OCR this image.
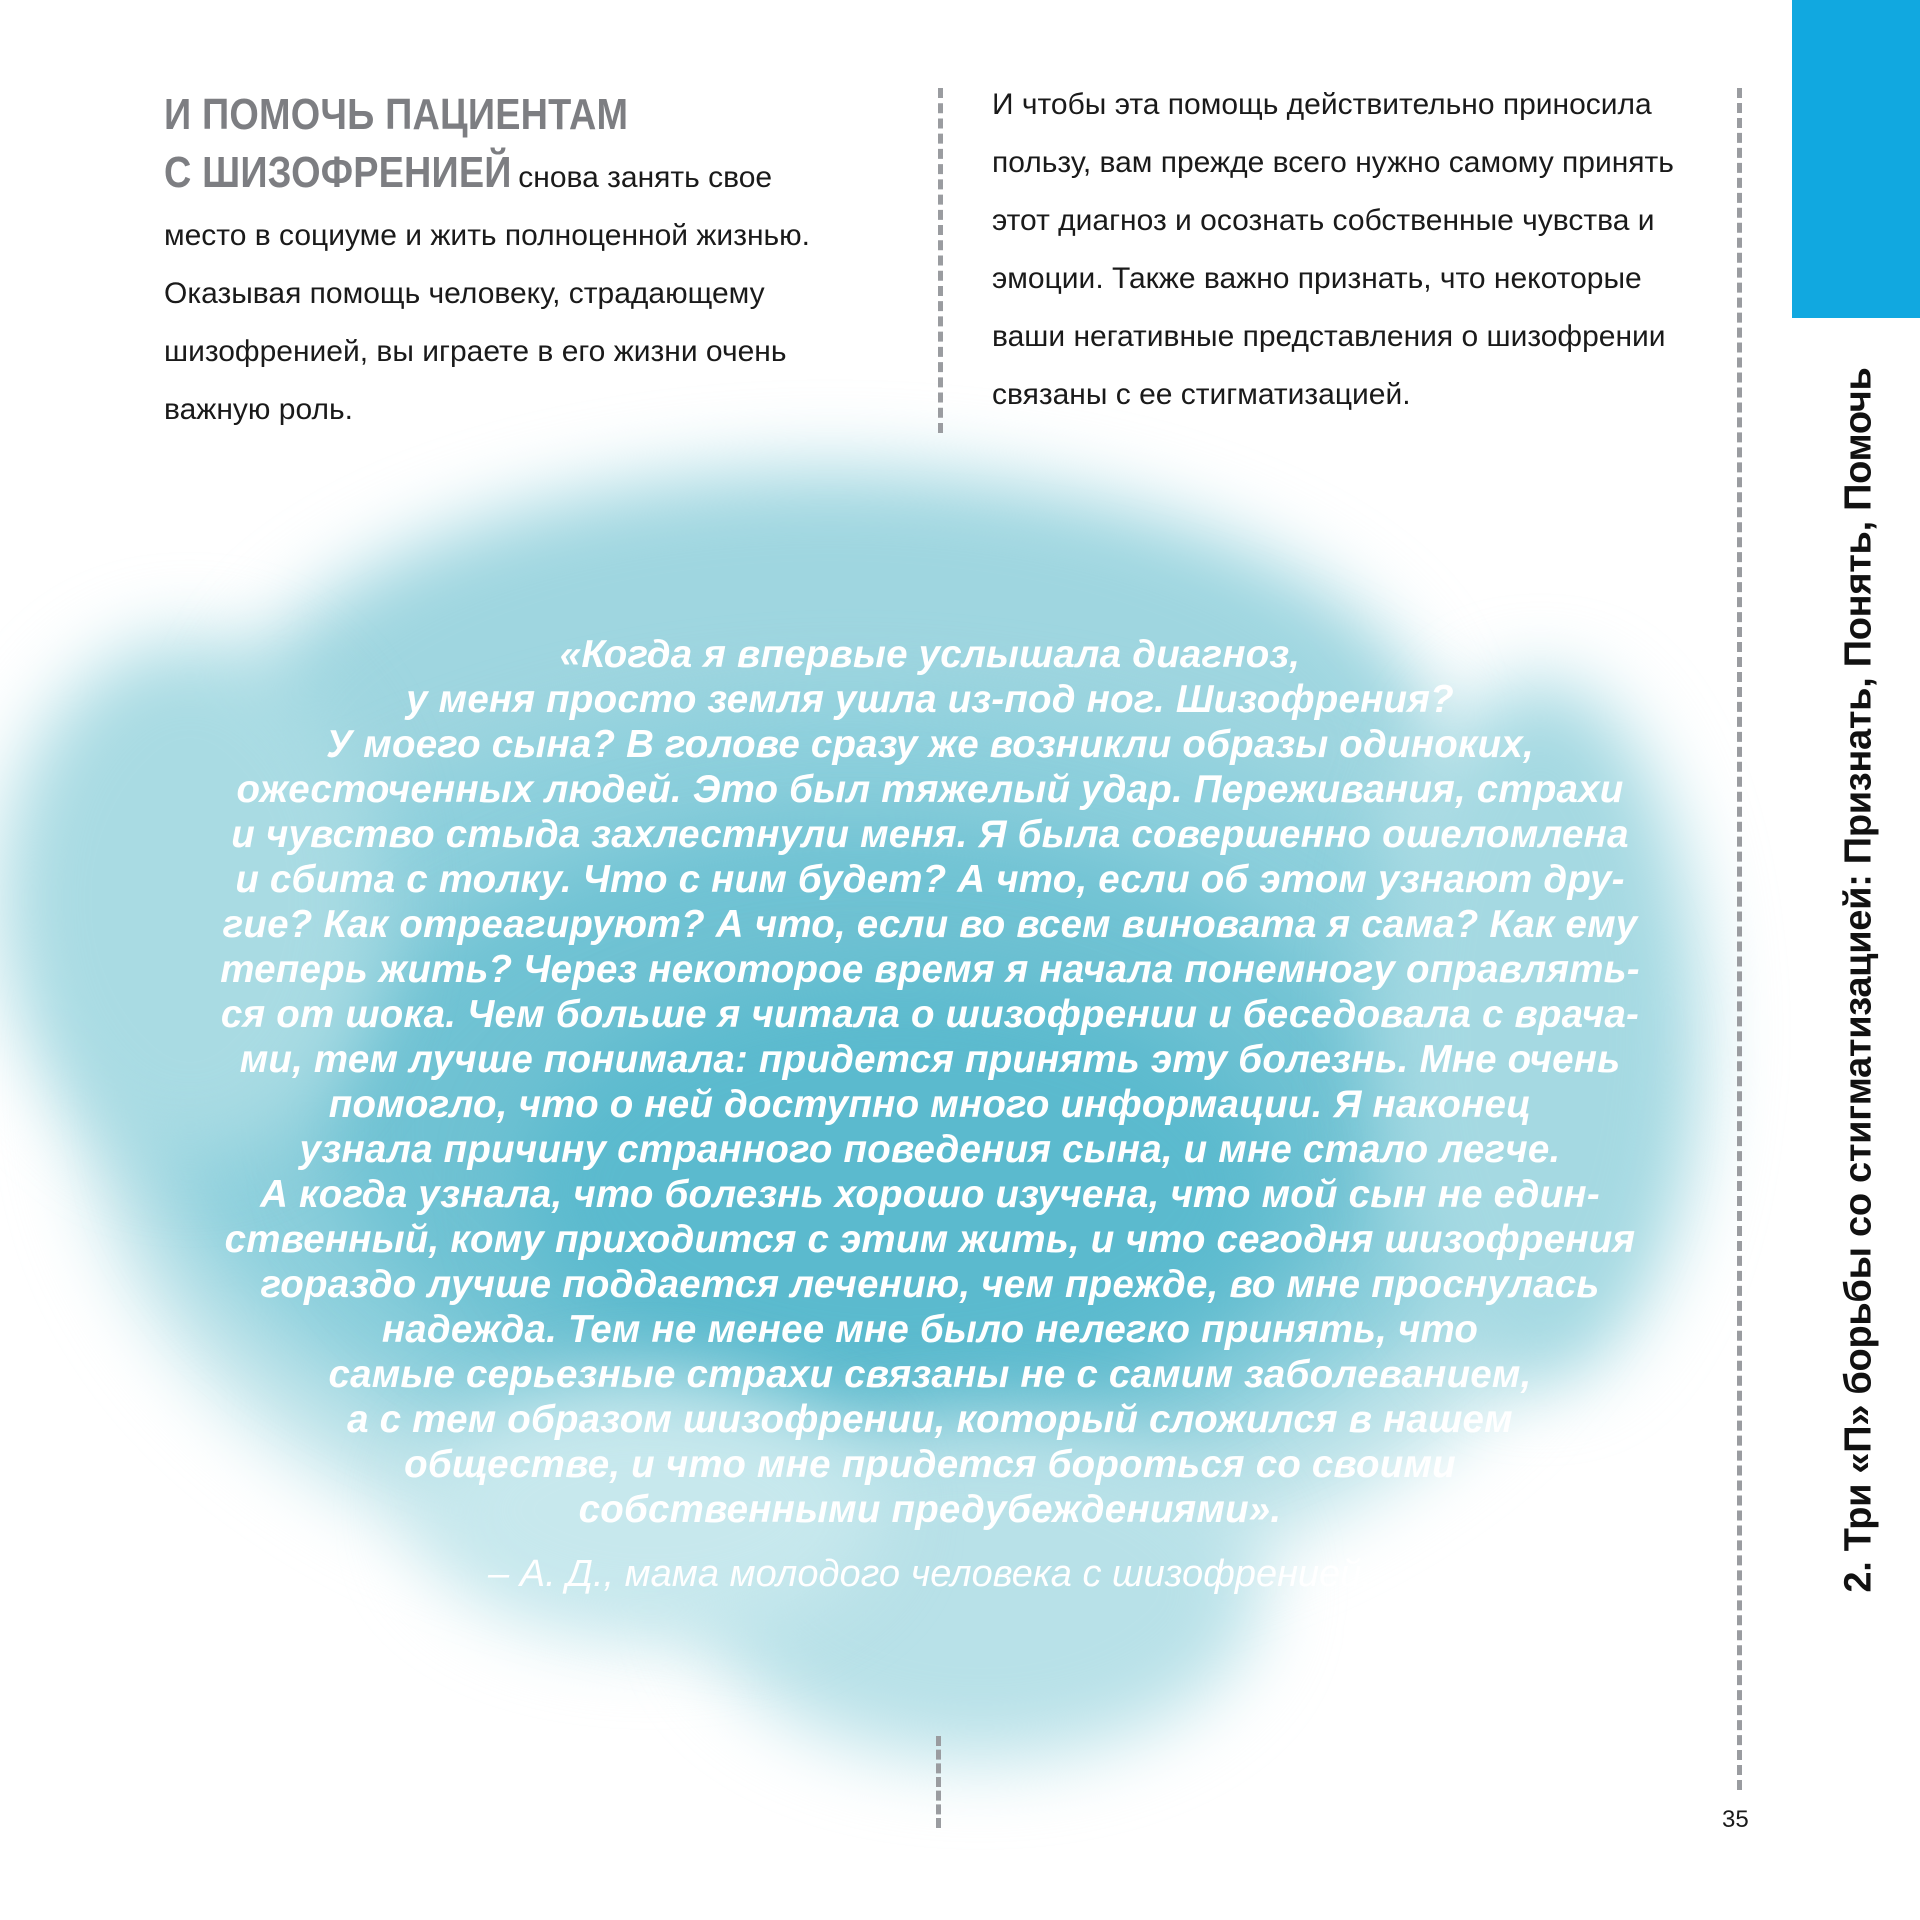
2. Три «П» борьбы со стигматизацией: Признать, Понять, Помочь
И ПОМОЧЬ ПАЦИЕНТАМ
С ШИЗОФРЕНИЕЙ снова занять свое
место в социуме и жить полноценной жизнью.
Оказывая помощь человеку, страдающему
шизофренией, вы играете в его жизни очень
важную роль.
И чтобы эта помощь действительно приносила
пользу, вам прежде всего нужно самому принять
этот диагноз и осознать собственные чувства и
эмоции. Также важно признать, что некоторые
ваши негативные представления о шизофрении
связаны с ее стигматизацией.
«Когда я впервые услышала диагноз,
у меня просто земля ушла из-под ног. Шизофрения?
У моего сына? В голове сразу же возникли образы одиноких,
ожесточенных людей. Это был тяжелый удар. Переживания, страхи
и чувство стыда захлестнули меня. Я была совершенно ошеломлена
и сбита с толку. Что с ним будет? А что, если об этом узнают дру-
гие? Как отреагируют? А что, если во всем виновата я сама? Как ему
теперь жить? Через некоторое время я начала понемногу оправлять-
ся от шока. Чем больше я читала о шизофрении и беседовала с врача-
ми, тем лучше понимала: придется принять эту болезнь. Мне очень
помогло, что о ней доступно много информации. Я наконец
узнала причину странного поведения сына, и мне стало легче.
А когда узнала, что болезнь хорошо изучена, что мой сын не един-
ственный, кому приходится с этим жить, и что сегодня шизофрения
гораздо лучше поддается лечению, чем прежде, во мне проснулась
надежда. Тем не менее мне было нелегко принять, что
самые серьезные страхи связаны не с самим заболеванием,
а с тем образом шизофрении, который сложился в нашем
обществе, и что мне придется бороться со своими
собственными предубеждениями».
– А. Д., мама молодого человека с шизофренией.
35
